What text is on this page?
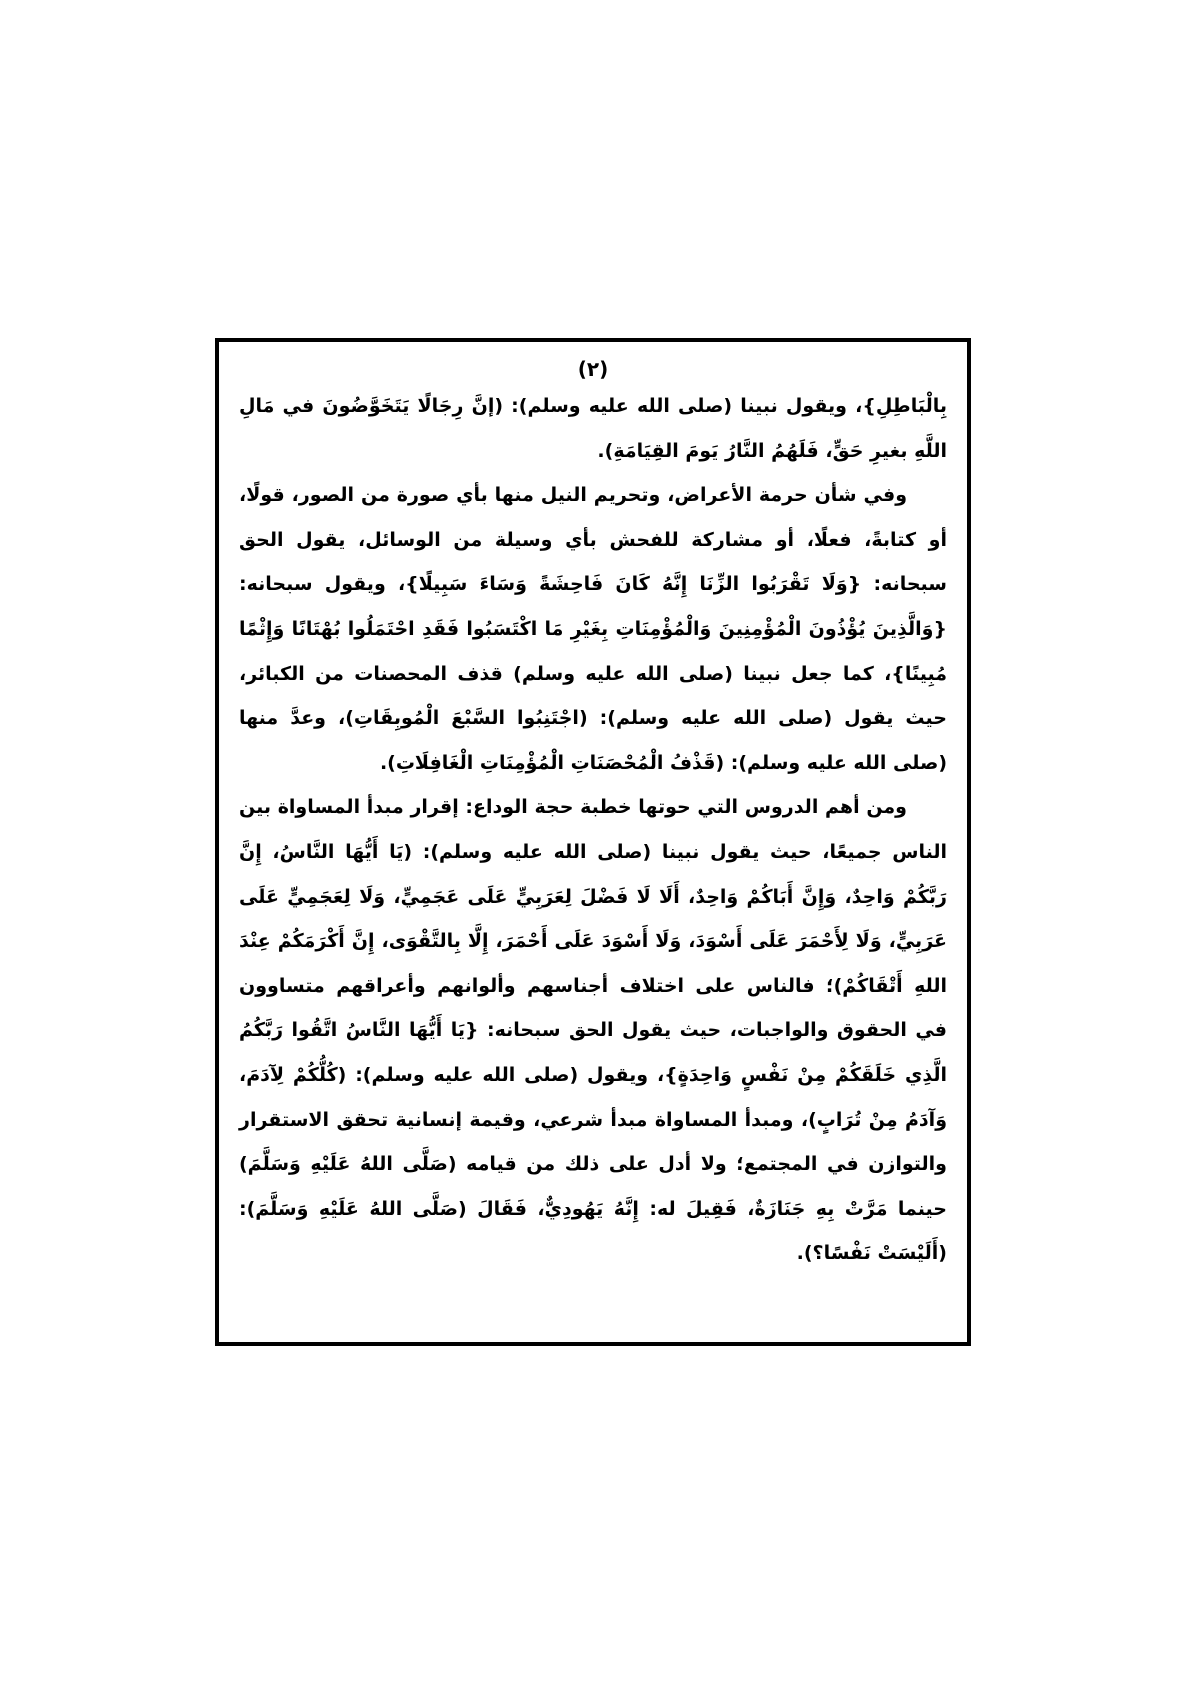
(٢)

بِالْبَاطِلِ}، ويقول نبينا (صلى الله عليه وسلم): (إنَّ رِجَالًا يَتَخَوَّضُونَ في مَالِ اللَّهِ بغيرِ حَقٍّ، فَلَهُمُ النَّارُ يَومَ القِيَامَةِ).

وفي شأن حرمة الأعراض، وتحريم النيل منها بأي صورة من الصور، قولًا، أو كتابةً، فعلًا، أو مشاركة للفحش بأي وسيلة من الوسائل، يقول الحق سبحانه: {وَلَا تَقْرَبُوا الزِّنَا إِنَّهُ كَانَ فَاحِشَةً وَسَاءَ سَبِيلًا}، ويقول سبحانه: {وَالَّذِينَ يُؤْذُونَ الْمُؤْمِنِينَ وَالْمُؤْمِنَاتِ بِغَيْرِ مَا اكْتَسَبُوا فَقَدِ احْتَمَلُوا بُهْتَانًا وَإِثْمًا مُبِينًا}، كما جعل نبينا (صلى الله عليه وسلم) قذف المحصنات من الكبائر، حيث يقول (صلى الله عليه وسلم): (اجْتَنِبُوا السَّبْعَ الْمُوبِقَاتِ)، وعدَّ منها (صلى الله عليه وسلم): (قَذْفُ الْمُحْصَنَاتِ الْمُؤْمِنَاتِ الْغَافِلَاتِ).

ومن أهم الدروس التي حوتها خطبة حجة الوداع: إقرار مبدأ المساواة بين الناس جميعًا، حيث يقول نبينا (صلى الله عليه وسلم): (يَا أَيُّهَا النَّاسُ، إِنَّ رَبَّكُمْ وَاحِدٌ، وَإِنَّ أَبَاكُمْ وَاحِدٌ، أَلَا لَا فَضْلَ لِعَرَبِيٍّ عَلَى عَجَمِيٍّ، وَلَا لِعَجَمِيٍّ عَلَى عَرَبِيٍّ، وَلَا لِأَحْمَرَ عَلَى أَسْوَدَ، وَلَا أَسْوَدَ عَلَى أَحْمَرَ، إِلَّا بِالتَّقْوَى، إِنَّ أَكْرَمَكُمْ عِنْدَ اللهِ أَتْقَاكُمْ)؛ فالناس على اختلاف أجناسهم وألوانهم وأعراقهم متساوون في الحقوق والواجبات، حيث يقول الحق سبحانه: {يَا أَيُّهَا النَّاسُ اتَّقُوا رَبَّكُمُ الَّذِي خَلَقَكُمْ مِنْ نَفْسٍ وَاحِدَةٍ}، ويقول (صلى الله عليه وسلم): (كُلُّكُمْ لِآدَمَ، وَآدَمُ مِنْ تُرَابٍ)، ومبدأ المساواة مبدأ شرعي، وقيمة إنسانية تحقق الاستقرار والتوازن في المجتمع؛ ولا أدل على ذلك من قيامه (صَلَّى اللهُ عَلَيْهِ وَسَلَّمَ) حينما مَرَّتْ بِهِ جَنَازَةٌ، فَقِيلَ له: إِنَّهُ يَهُودِيٌّ، فَقَالَ (صَلَّى اللهُ عَلَيْهِ وَسَلَّمَ): (أَلَيْسَتْ نَفْسًا؟).
